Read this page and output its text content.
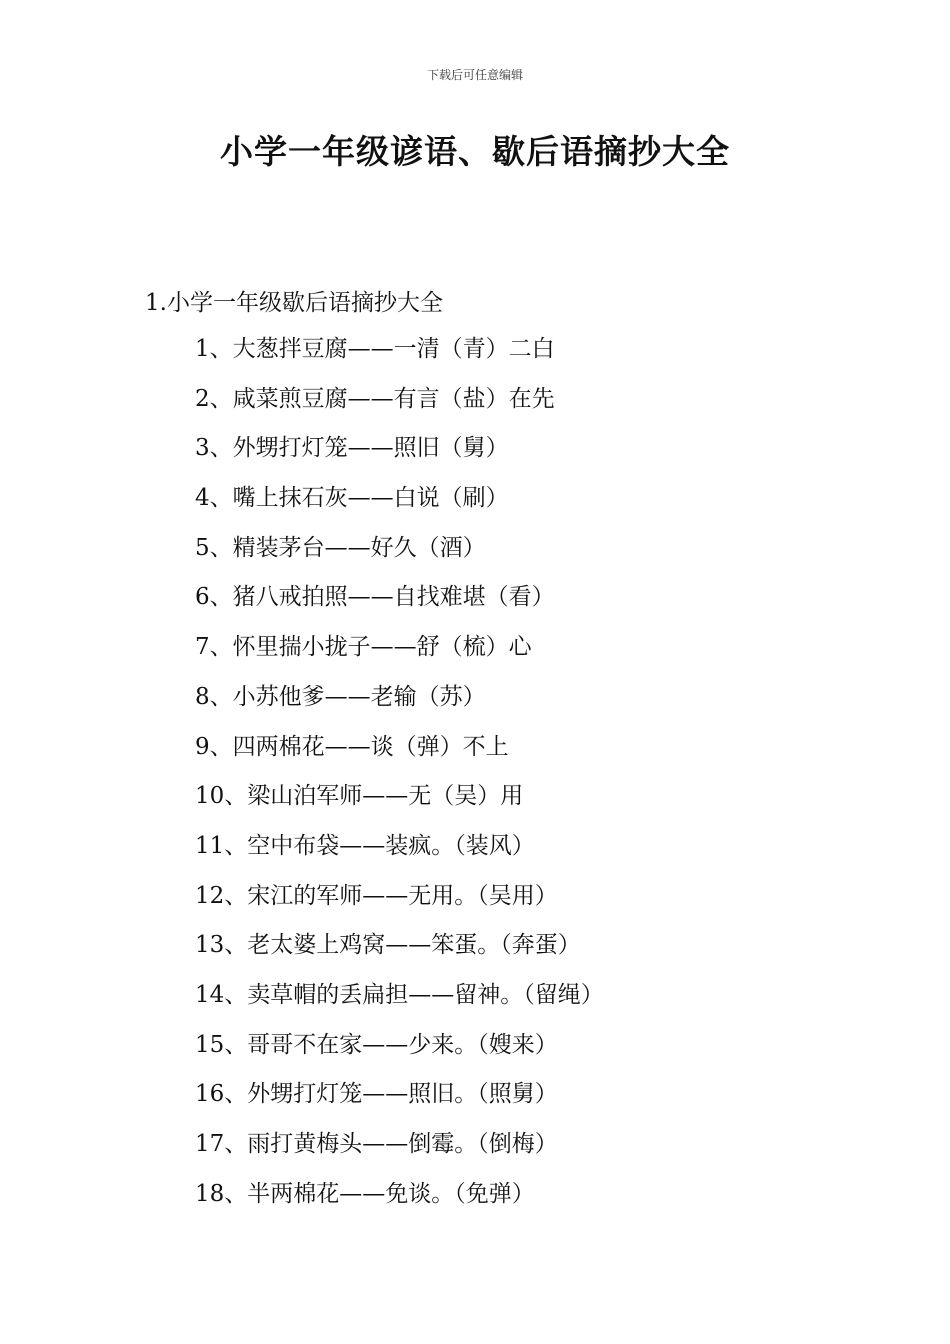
下载后可任意编辑
小学一年级谚语、歇后语摘抄大全
1.小学一年级歇后语摘抄大全
1、大葱拌豆腐——一清（青）二白
2、咸菜煎豆腐——有言（盐）在先
3、外甥打灯笼——照旧（舅）
4、嘴上抹石灰——白说（刷）
5、精装茅台——好久（酒）
6、猪八戒拍照——自找难堪（看）
7、怀里揣小拢子——舒（梳）心
8、小苏他爹——老输（苏）
9、四两棉花——谈（弹）不上
10、梁山泊军师——无（吴）用
11、空中布袋——装疯。（装风）
12、宋江的军师——无用。（吴用）
13、老太婆上鸡窝——笨蛋。（奔蛋）
14、卖草帽的丢扁担——留神。（留绳）
15、哥哥不在家——少来。（嫂来）
16、外甥打灯笼——照旧。（照舅）
17、雨打黄梅头——倒霉。（倒梅）
18、半两棉花——免谈。（免弹）
